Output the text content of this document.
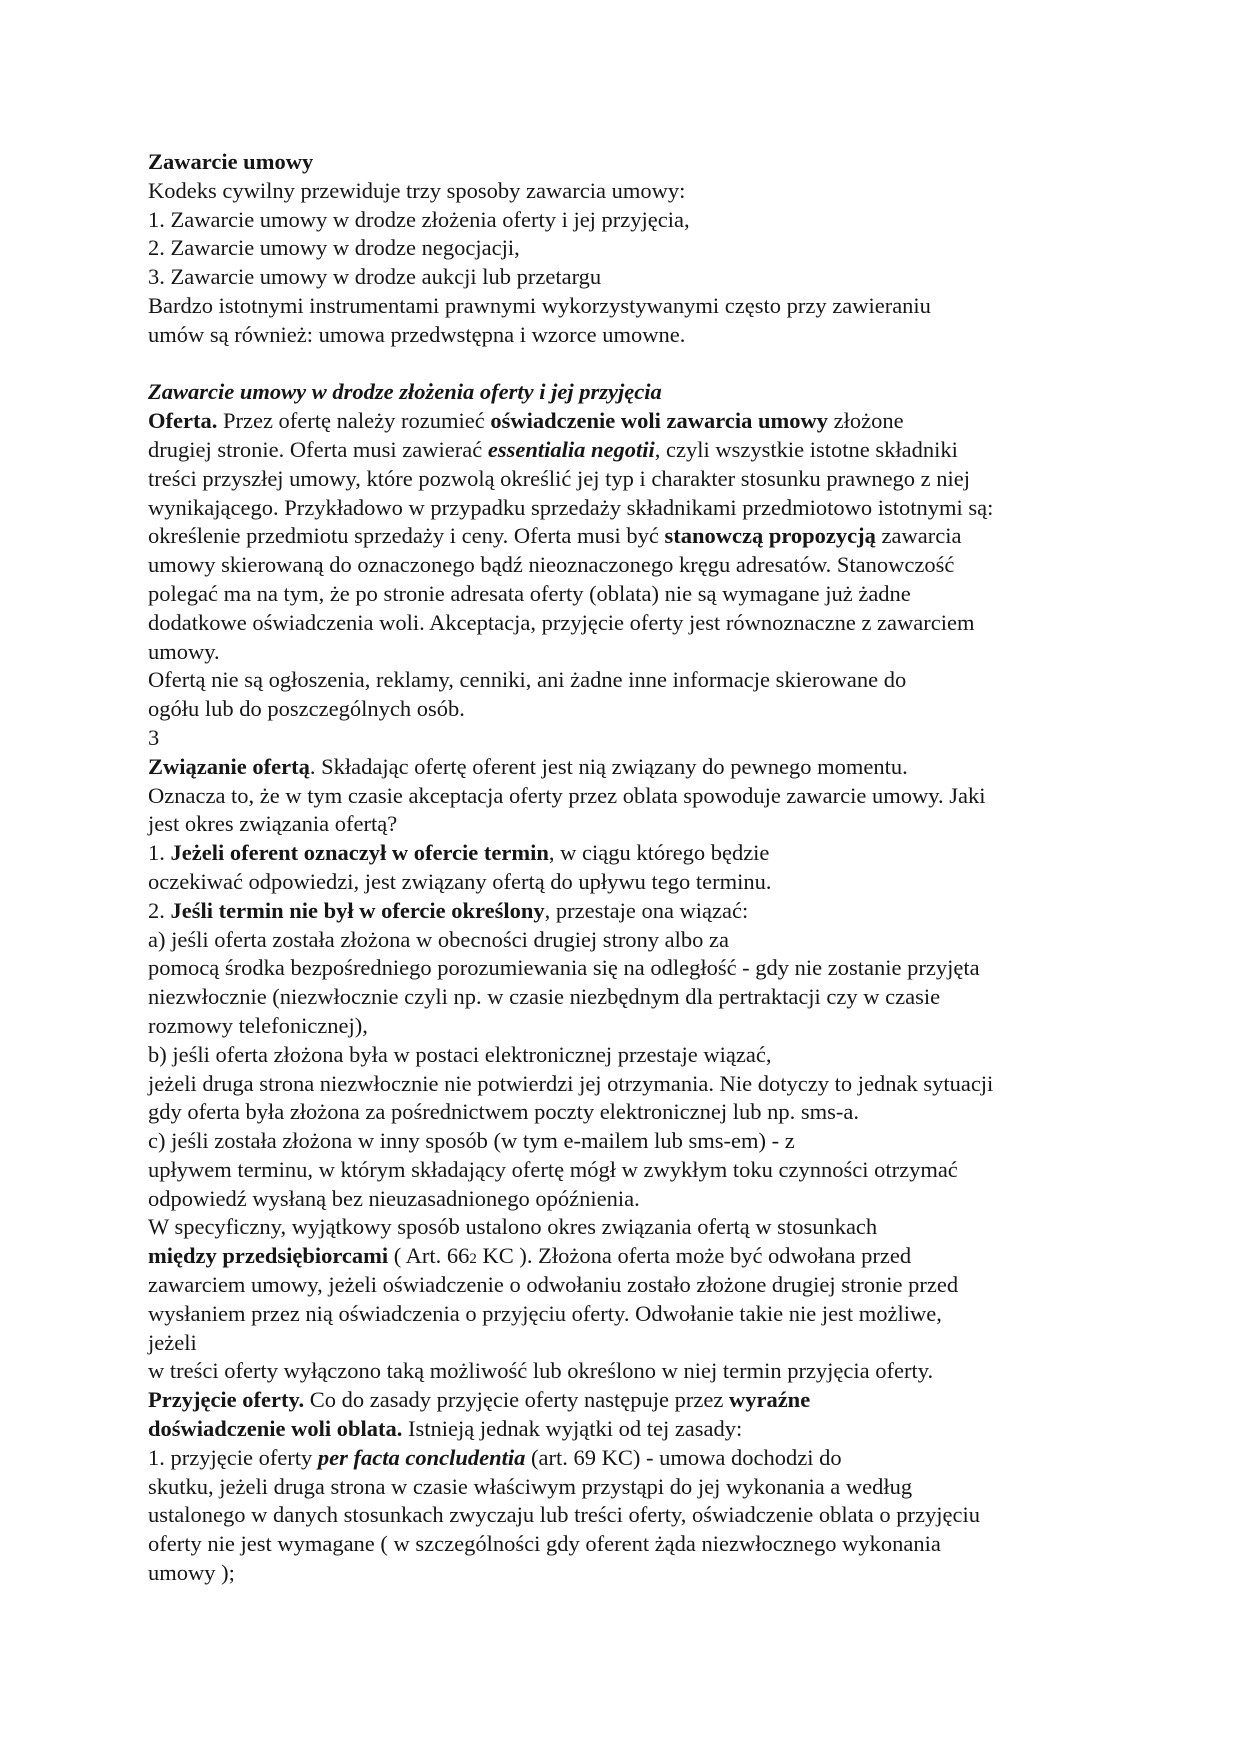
Zawarcie umowy
Kodeks cywilny przewiduje trzy sposoby zawarcia umowy:
1. Zawarcie umowy w drodze złożenia oferty i jej przyjęcia,
2. Zawarcie umowy w drodze negocjacji,
3. Zawarcie umowy w drodze aukcji lub przetargu
Bardzo istotnymi instrumentami prawnymi wykorzystywanymi często przy zawieraniu
umów są również: umowa przedwstępna i wzorce umowne.
Zawarcie umowy w drodze złożenia oferty i jej przyjęcia
Oferta. Przez ofertę należy rozumieć oświadczenie woli zawarcia umowy złożone
drugiej stronie. Oferta musi zawierać essentialia negotii, czyli wszystkie istotne składniki
treści przyszłej umowy, które pozwolą określić jej typ i charakter stosunku prawnego z niej
wynikającego. Przykładowo w przypadku sprzedaży składnikami przedmiotowo istotnymi są:
określenie przedmiotu sprzedaży i ceny. Oferta musi być stanowczą propozycją zawarcia
umowy skierowaną do oznaczonego bądź nieoznaczonego kręgu adresatów. Stanowczość
polegać ma na tym, że po stronie adresata oferty (oblata) nie są wymagane już żadne
dodatkowe oświadczenia woli. Akceptacja, przyjęcie oferty jest równoznaczne z zawarciem
umowy.
Ofertą nie są ogłoszenia, reklamy, cenniki, ani żadne inne informacje skierowane do
ogółu lub do poszczególnych osób.
3
Związanie ofertą. Składając ofertę oferent jest nią związany do pewnego momentu.
Oznacza to, że w tym czasie akceptacja oferty przez oblata spowoduje zawarcie umowy. Jaki
jest okres związania ofertą?
1. Jeżeli oferent oznaczył w ofercie termin, w ciągu którego będzie
oczekiwać odpowiedzi, jest związany ofertą do upływu tego terminu.
2. Jeśli termin nie był w ofercie określony, przestaje ona wiązać:
a) jeśli oferta została złożona w obecności drugiej strony albo za
pomocą środka bezpośredniego porozumiewania się na odległość - gdy nie zostanie przyjęta
niezwłocznie (niezwłocznie czyli np. w czasie niezbędnym dla pertraktacji czy w czasie
rozmowy telefonicznej),
b) jeśli oferta złożona była w postaci elektronicznej przestaje wiązać,
jeżeli druga strona niezwłocznie nie potwierdzi jej otrzymania. Nie dotyczy to jednak sytuacji
gdy oferta była złożona za pośrednictwem poczty elektronicznej lub np. sms-a.
c) jeśli została złożona w inny sposób (w tym e-mailem lub sms-em) - z
upływem terminu, w którym składający ofertę mógł w zwykłym toku czynności otrzymać
odpowiedź wysłaną bez nieuzasadnionego opóźnienia.
W specyficzny, wyjątkowy sposób ustalono okres związania ofertą w stosunkach
między przedsiębiorcami ( Art. 662 KC ). Złożona oferta może być odwołana przed
zawarciem umowy, jeżeli oświadczenie o odwołaniu zostało złożone drugiej stronie przed
wysłaniem przez nią oświadczenia o przyjęciu oferty. Odwołanie takie nie jest możliwe,
jeżeli
w treści oferty wyłączono taką możliwość lub określono w niej termin przyjęcia oferty.
Przyjęcie oferty. Co do zasady przyjęcie oferty następuje przez wyraźne
doświadczenie woli oblata. Istnieją jednak wyjątki od tej zasady:
1. przyjęcie oferty per facta concludentia (art. 69 KC) - umowa dochodzi do
skutku, jeżeli druga strona w czasie właściwym przystąpi do jej wykonania a według
ustalonego w danych stosunkach zwyczaju lub treści oferty, oświadczenie oblata o przyjęciu
oferty nie jest wymagane ( w szczególności gdy oferent żąda niezwłocznego wykonania
umowy );
